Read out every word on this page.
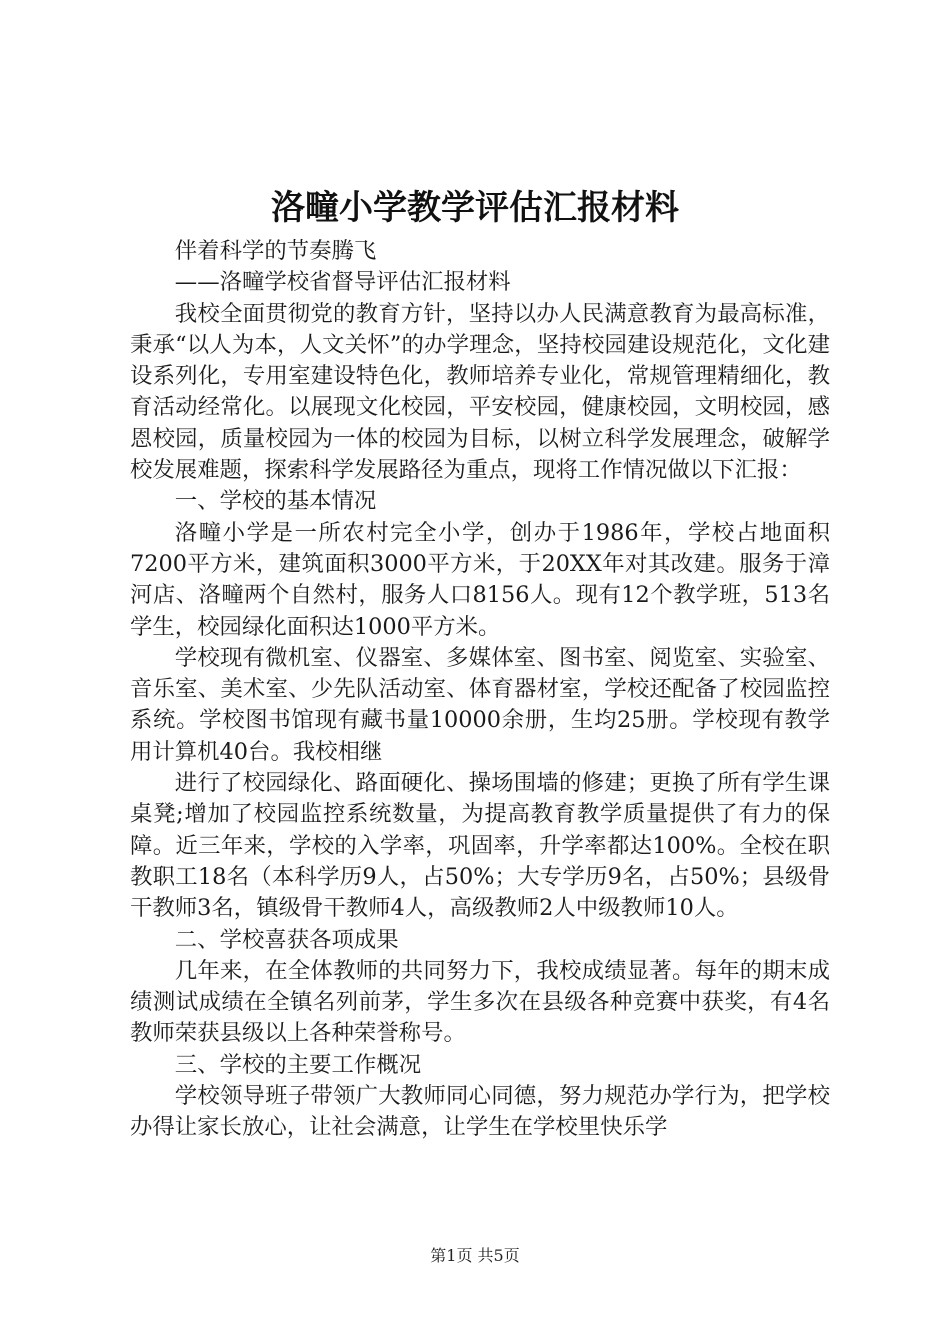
洛疃小学教学评估汇报材料

伴着科学的节奏腾飞

——洛疃学校省督导评估汇报材料

我校全面贯彻党的教育方针，坚持以办人民满意教育为最高标准，秉承“以人为本，人文关怀”的办学理念，坚持校园建设规范化，文化建设系列化，专用室建设特色化，教师培养专业化，常规管理精细化，教育活动经常化。以展现文化校园，平安校园，健康校园，文明校园，感恩校园，质量校园为一体的校园为目标，以树立科学发展理念，破解学校发展难题，探索科学发展路径为重点，现将工作情况做以下汇报：

一、学校的基本情况

洛疃小学是一所农村完全小学，创办于1986年，学校占地面积7200平方米，建筑面积3000平方米，于20XX年对其改建。服务于漳河店、洛疃两个自然村，服务人口8156人。现有12个教学班，513名学生，校园绿化面积达1000平方米。

学校现有微机室、仪器室、多媒体室、图书室、阅览室、实验室、音乐室、美术室、少先队活动室、体育器材室，学校还配备了校园监控系统。学校图书馆现有藏书量10000余册，生均25册。学校现有教学用计算机40台。我校相继

进行了校园绿化、路面硬化、操场围墙的修建；更换了所有学生课桌凳;增加了校园监控系统数量，为提高教育教学质量提供了有力的保障。近三年来，学校的入学率，巩固率，升学率都达100%。全校在职教职工18名（本科学历9人，占50%；大专学历9名，占50%；县级骨干教师3名，镇级骨干教师4人，高级教师2人中级教师10人。

二、学校喜获各项成果

几年来，在全体教师的共同努力下，我校成绩显著。每年的期末成绩测试成绩在全镇名列前茅，学生多次在县级各种竞赛中获奖，有4名教师荣获县级以上各种荣誉称号。

三、学校的主要工作概况

学校领导班子带领广大教师同心同德，努力规范办学行为，把学校办得让家长放心，让社会满意，让学生在学校里快乐学

第1页 共5页
